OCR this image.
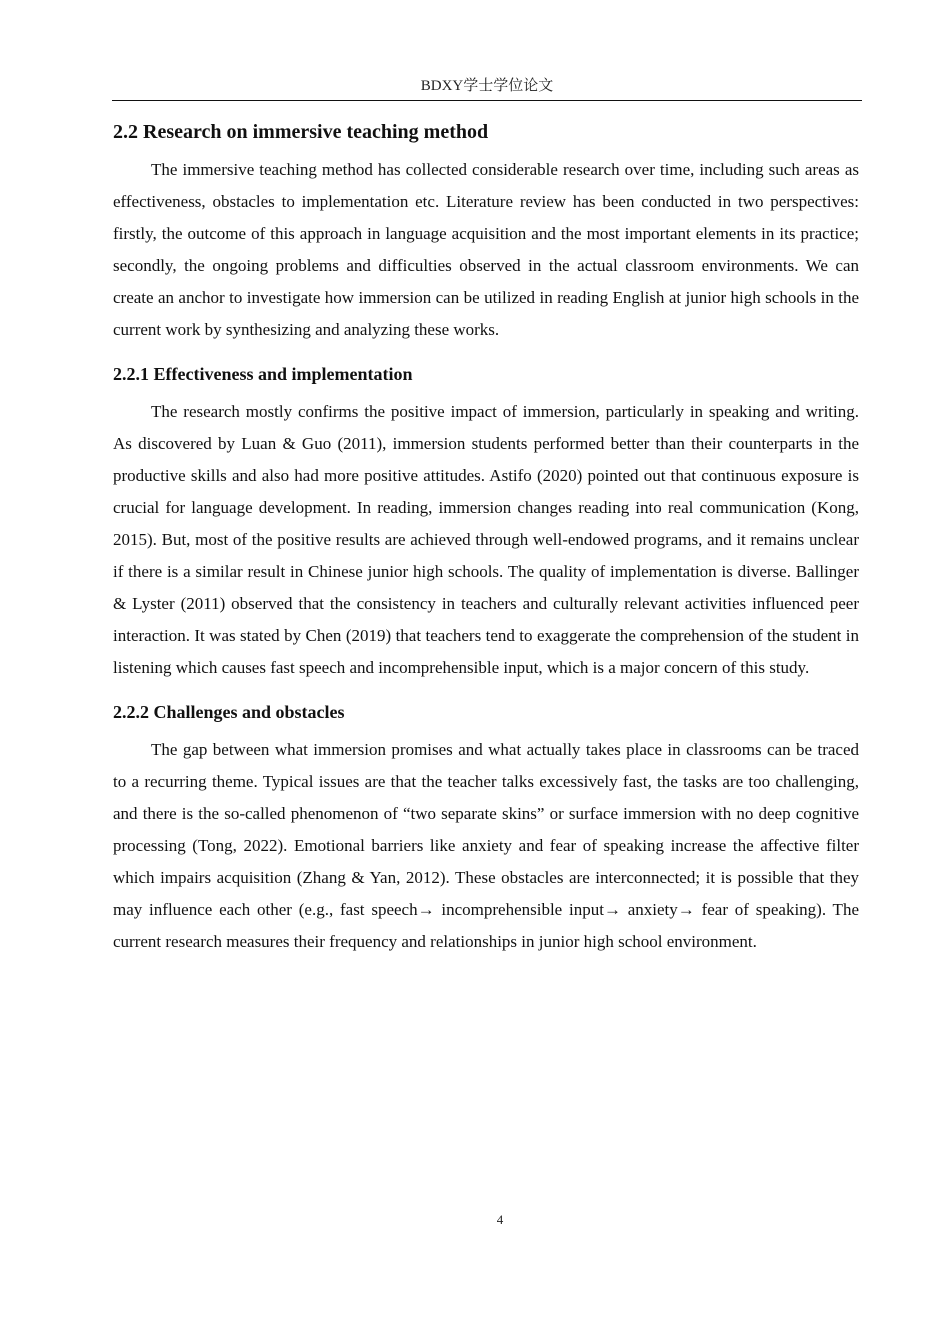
BDXY学士学位论文
2.2 Research on immersive teaching method

The immersive teaching method has collected considerable research over time, including such areas as effectiveness, obstacles to implementation etc. Literature review has been conducted in two perspectives: firstly, the outcome of this approach in language acquisition and the most important elements in its practice; secondly, the ongoing problems and difficulties observed in the actual classroom environments. We can create an anchor to investigate how immersion can be utilized in reading English at junior high schools in the current work by synthesizing and analyzing these works.

2.2.1 Effectiveness and implementation

The research mostly confirms the positive impact of immersion, particularly in speaking and writing. As discovered by Luan & Guo (2011), immersion students performed better than their counterparts in the productive skills and also had more positive attitudes. Astifo (2020) pointed out that continuous exposure is crucial for language development. In reading, immersion changes reading into real communication (Kong, 2015). But, most of the positive results are achieved through well-endowed programs, and it remains unclear if there is a similar result in Chinese junior high schools. The quality of implementation is diverse. Ballinger & Lyster (2011) observed that the consistency in teachers and culturally relevant activities influenced peer interaction. It was stated by Chen (2019) that teachers tend to exaggerate the comprehension of the student in listening which causes fast speech and incomprehensible input, which is a major concern of this study.

2.2.2 Challenges and obstacles

The gap between what immersion promises and what actually takes place in classrooms can be traced to a recurring theme. Typical issues are that the teacher talks excessively fast, the tasks are too challenging, and there is the so-called phenomenon of “two separate skins” or surface immersion with no deep cognitive processing (Tong, 2022). Emotional barriers like anxiety and fear of speaking increase the affective filter which impairs acquisition (Zhang & Yan, 2012). These obstacles are interconnected; it is possible that they may influence each other (e.g., fast speech→ incomprehensible input→ anxiety→ fear of speaking). The current research measures their frequency and relationships in junior high school environment.

4
